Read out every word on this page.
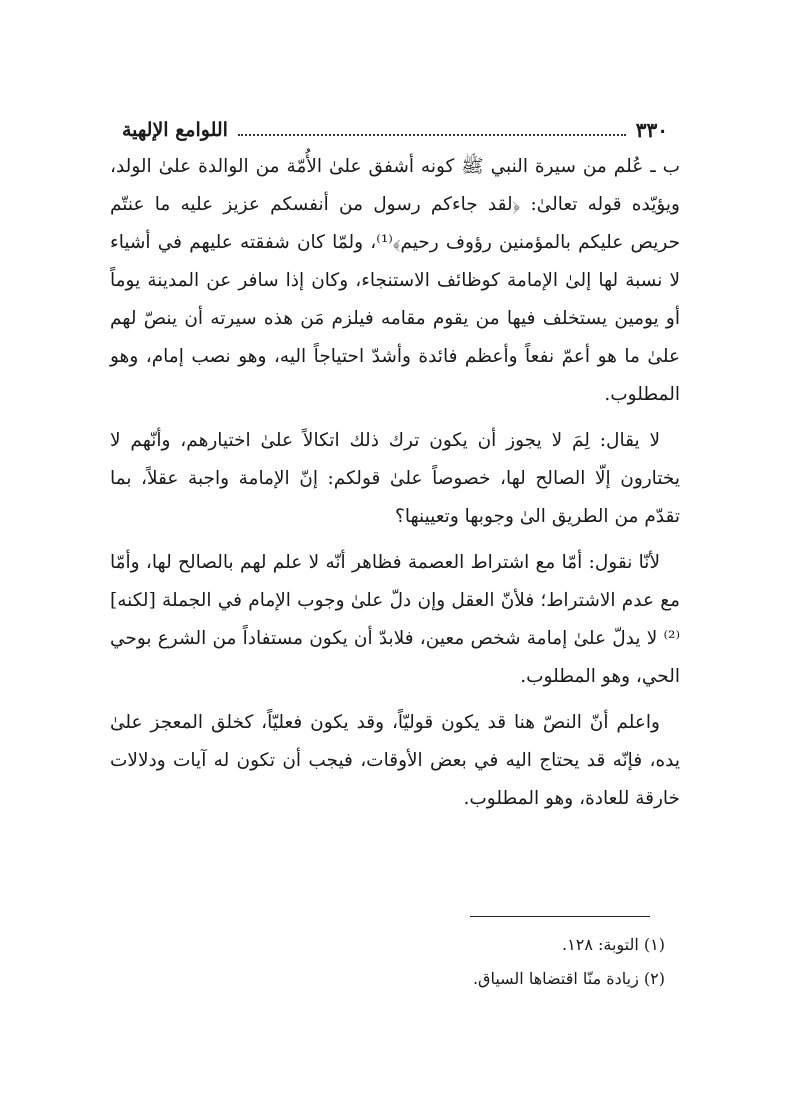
٣٣٠
اللوامع الإلهية

ب ـ عُلم من سيرة النبي ﷺ كونه أشفق علىٰ الأُمّة من الوالدة علىٰ الولد، ويؤيّده قوله تعالىٰ: ﴿لقد جاءكم رسول من أنفسكم عزيز عليه ما عنتّم حريص عليكم بالمؤمنين رؤوف رحيم﴾⁽¹⁾، ولمّا كان شفقته عليهم في أشياء لا نسبة لها إلىٰ الإمامة كوظائف الاستنجاء، وكان إذا سافر عن المدينة يوماً أو يومين يستخلف فيها من يقوم مقامه فيلزم مَن هذه سيرته أن ينصّ لهم علىٰ ما هو أعمّ نفعاً وأعظم فائدة وأشدّ احتياجاً اليه، وهو نصب إمام، وهو المطلوب.

لا يقال: لِمَ لا يجوز أن يكون ترك ذلك اتكالاً علىٰ اختيارهم، وأنّهم لا يختارون إلّا الصالح لها، خصوصاً علىٰ قولكم: إنّ الإمامة واجبة عقلاً، بما تقدّم من الطريق الىٰ وجوبها وتعيينها؟

لأنّا نقول: أمّا مع اشتراط العصمة فظاهر أنّه لا علم لهم بالصالح لها، وأمّا مع عدم الاشتراط؛ فلأنّ العقل وإن دلّ علىٰ وجوب الإمام في الجملة [لكنه]⁽²⁾ لا يدلّ علىٰ إمامة شخص معين، فلابدّ أن يكون مستفاداً من الشرع بوحي الحي، وهو المطلوب.

واعلم أنّ النصّ هنا قد يكون قوليّاً، وقد يكون فعليّاً، كخلق المعجز علىٰ يده، فإنّه قد يحتاج اليه في بعض الأوقات، فيجب أن تكون له آيات ودلالات خارقة للعادة، وهو المطلوب.

(١) التوبة: ١٢٨.
(٢) زيادة منّا اقتضاها السياق.
